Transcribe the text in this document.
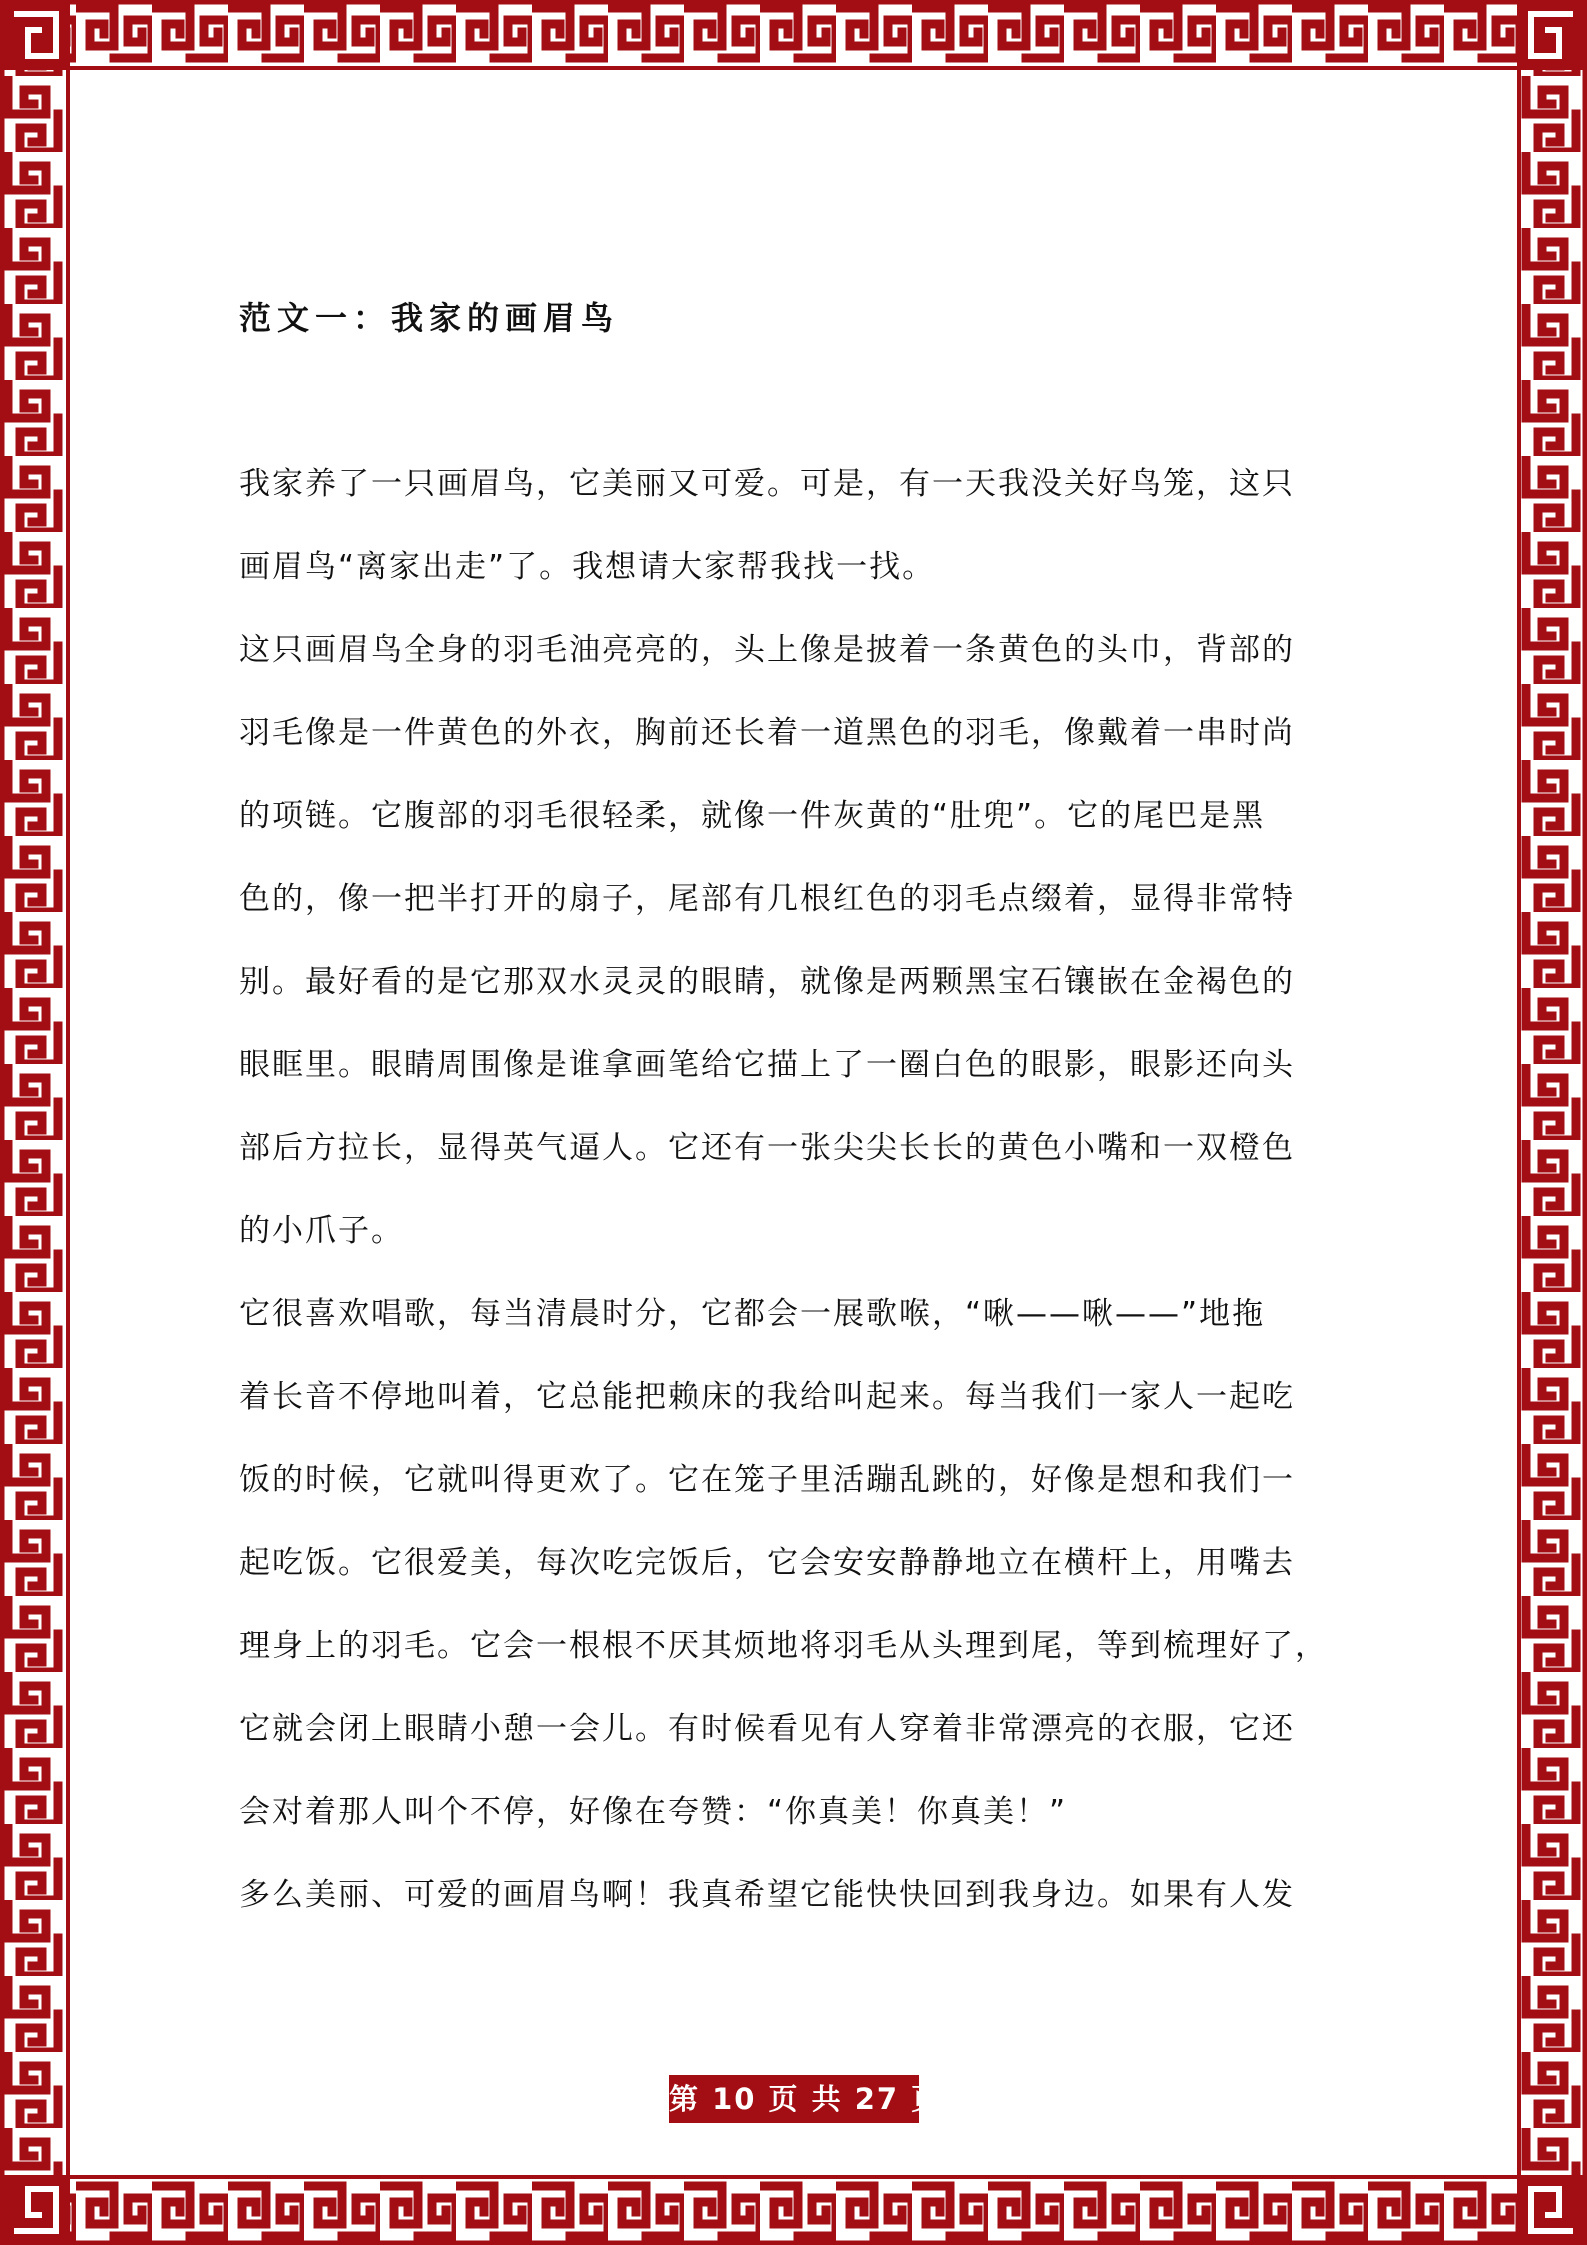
范文一：我家的画眉鸟
我家养了一只画眉鸟，它美丽又可爱。可是，有一天我没关好鸟笼，这只
画眉鸟“离家出走”了。我想请大家帮我找一找。
这只画眉鸟全身的羽毛油亮亮的，头上像是披着一条黄色的头巾，背部的
羽毛像是一件黄色的外衣，胸前还长着一道黑色的羽毛，像戴着一串时尚
的项链。它腹部的羽毛很轻柔，就像一件灰黄的“肚兜”。它的尾巴是黑
色的，像一把半打开的扇子，尾部有几根红色的羽毛点缀着，显得非常特
别。最好看的是它那双水灵灵的眼睛，就像是两颗黑宝石镶嵌在金褐色的
眼眶里。眼睛周围像是谁拿画笔给它描上了一圈白色的眼影，眼影还向头
部后方拉长，显得英气逼人。它还有一张尖尖长长的黄色小嘴和一双橙色
的小爪子。
它很喜欢唱歌，每当清晨时分，它都会一展歌喉，“啾——啾——”地拖
着长音不停地叫着，它总能把赖床的我给叫起来。每当我们一家人一起吃
饭的时候，它就叫得更欢了。它在笼子里活蹦乱跳的，好像是想和我们一
起吃饭。它很爱美，每次吃完饭后，它会安安静静地立在横杆上，用嘴去
理身上的羽毛。它会一根根不厌其烦地将羽毛从头理到尾，等到梳理好了，
它就会闭上眼睛小憩一会儿。有时候看见有人穿着非常漂亮的衣服，它还
会对着那人叫个不停，好像在夸赞：“你真美！你真美！”
多么美丽、可爱的画眉鸟啊！我真希望它能快快回到我身边。如果有人发
第 10 页 共 27 页
